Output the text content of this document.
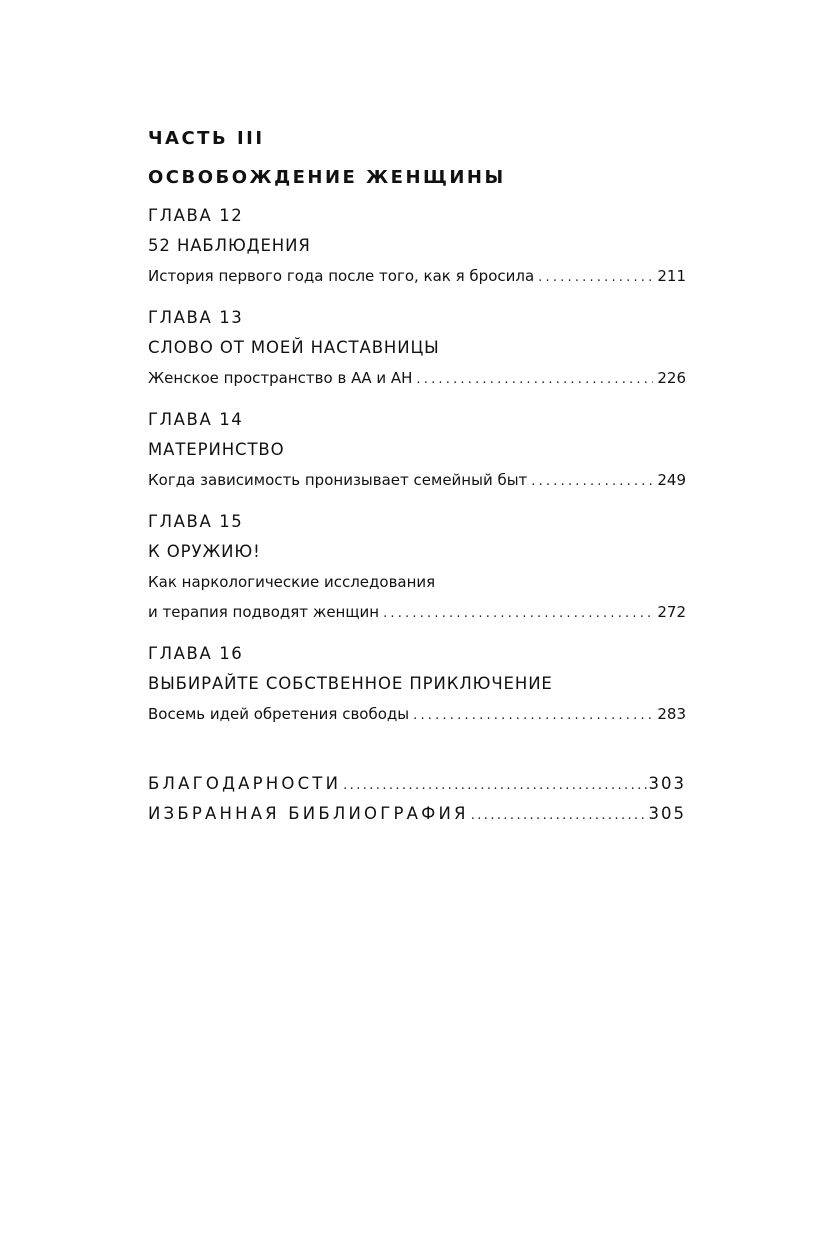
ЧАСТЬ III
ОСВОБОЖДЕНИЕ ЖЕНЩИНЫ
ГЛАВА 12
52 НАБЛЮДЕНИЯ
История первого года после того, как я бросила .....	211
ГЛАВА 13
СЛОВО ОТ МОЕЙ НАСТАВНИЦЫ
Женское пространство в АА и АН .....	226
ГЛАВА 14
МАТЕРИНСТВО
Когда зависимость пронизывает семейный быт .....	249
ГЛАВА 15
К ОРУЖИЮ!
Как наркологические исследования
и терапия подводят женщин .....	272
ГЛАВА 16
ВЫБИРАЙТЕ СОБСТВЕННОЕ ПРИКЛЮЧЕНИЕ
Восемь идей обретения свободы .....	283
БЛАГОДАРНОСТИ .....	303
ИЗБРАННАЯ БИБЛИОГРАФИЯ .....	305
